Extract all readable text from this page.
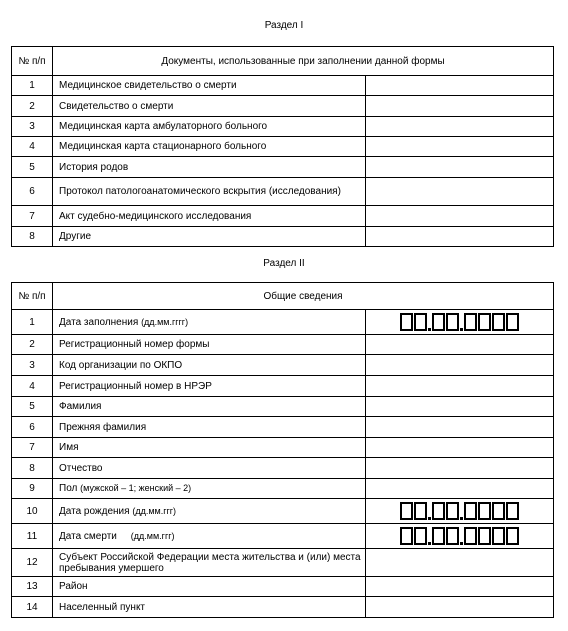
Раздел I
№ п/п	Документы, использованные при заполнении данной формы	
1	Медицинское свидетельство о смерти	
2	Свидетельство о смерти	
3	Медицинская карта амбулаторного больного	
4	Медицинская карта стационарного больного	
5	История родов	
6	Протокол патологоанатомического вскрытия (исследования)	
7	Акт судебно-медицинского исследования	
8	Другие	
Раздел II
№ п/п	Общие сведения	
1	Дата заполнения (дд.мм.гггг)	

2	Регистрационный номер формы	
3	Код организации по ОКПО	
4	Регистрационный номер в НРЭР	
5	Фамилия	
6	Прежняя фамилия	
7	Имя	
8	Отчество	
9	Пол (мужской – 1; женский – 2)	
10	Дата рождения (дд.мм.ггг)	

11	Дата смерти (дд.мм.ггг)	

12	Субъект Российской Федерации места жительства и (или) места пребывания умершего	
13	Район	
14	Населенный пункт	
